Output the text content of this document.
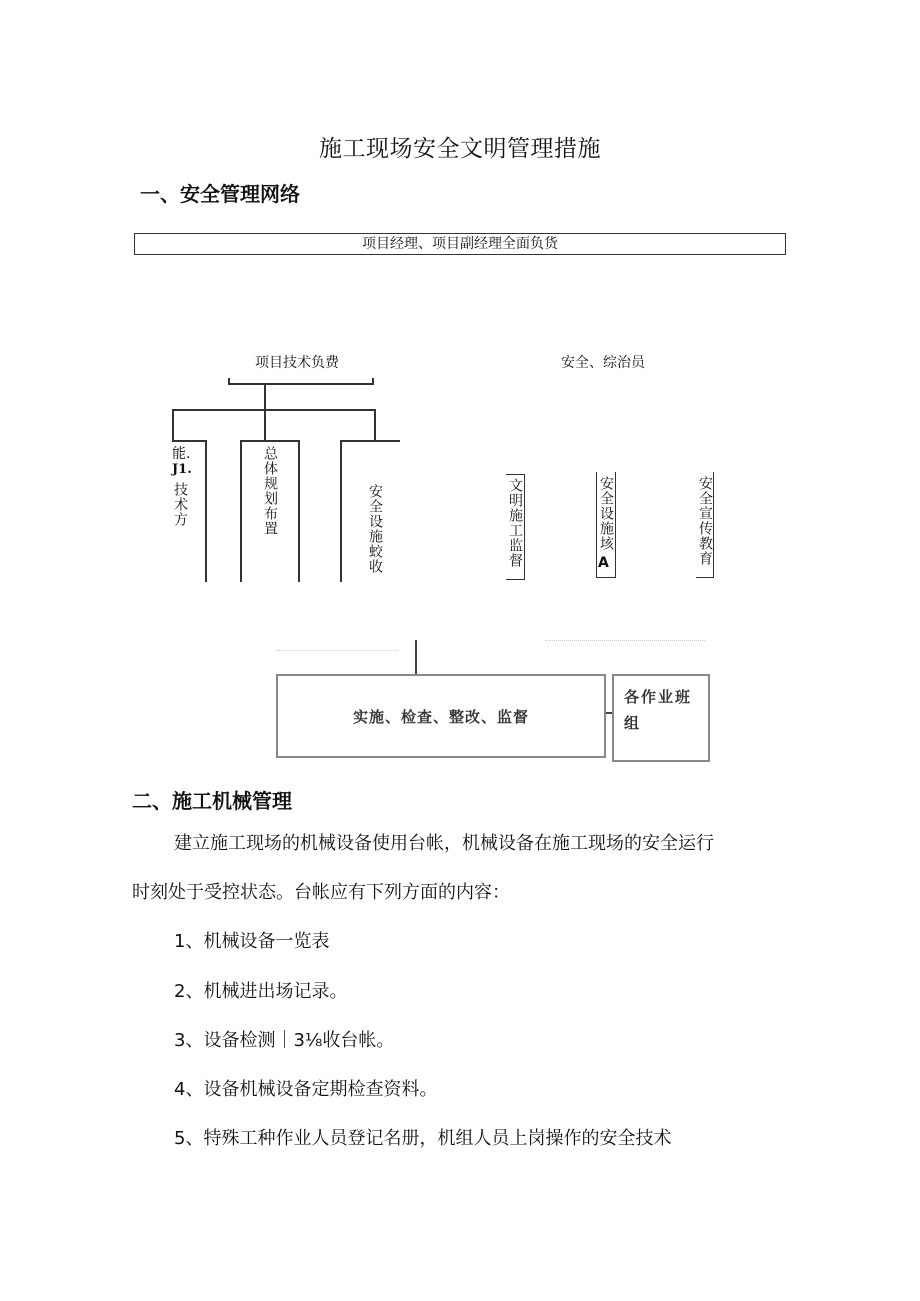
施工现场安全文明管理措施
一、安全管理网络
项目经理、项目副经理全面负货
项目技术负费	安全、综治员
能.
J1.
技术方	总体规划布置	安全设施蛟收	文明施工监督	安全设施垓
A	安全宣传教育
实施、检查、整改、监督
各作业班组
二、施工机械管理
建立施工现场的机械设备使用台帐，机械设备在施工现场的安全运行
时刻处于受控状态。台帐应有下列方面的内容：
1、机械设备一览表
2、机械进出场记录。
3、设备检测｜3⅛收台帐。
4、设备机械设备定期检查资料。
5、特殊工种作业人员登记名册，机组人员上岗操作的安全技术
